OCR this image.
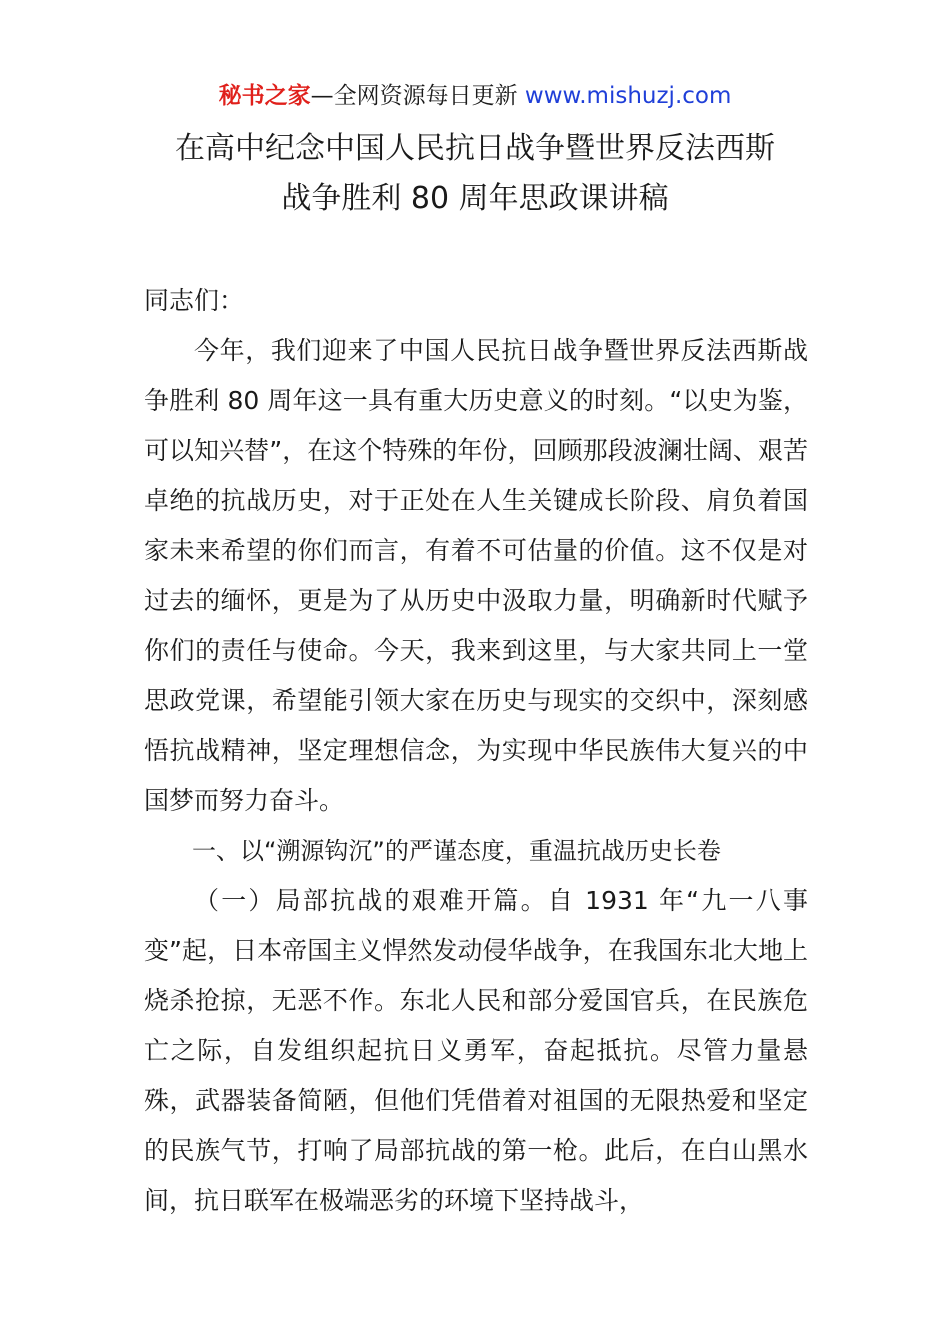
秘书之家—全网资源每日更新 www.mishuzj.com
在高中纪念中国人民抗日战争暨世界反法西斯
战争胜利 80 周年思政课讲稿

同志们：

今年，我们迎来了中国人民抗日战争暨世界反法西斯战争胜利 80 周年这一具有重大历史意义的时刻。“以史为鉴，可以知兴替”，在这个特殊的年份，回顾那段波澜壮阔、艰苦卓绝的抗战历史，对于正处在人生关键成长阶段、肩负着国家未来希望的你们而言，有着不可估量的价值。这不仅是对过去的缅怀，更是为了从历史中汲取力量，明确新时代赋予你们的责任与使命。今天，我来到这里，与大家共同上一堂思政党课，希望能引领大家在历史与现实的交织中，深刻感悟抗战精神，坚定理想信念，为实现中华民族伟大复兴的中国梦而努力奋斗。

一、以“溯源钩沉”的严谨态度，重温抗战历史长卷

（一）局部抗战的艰难开篇。自 1931 年“九一八事变”起，日本帝国主义悍然发动侵华战争，在我国东北大地上烧杀抢掠，无恶不作。东北人民和部分爱国官兵，在民族危亡之际，自发组织起抗日义勇军，奋起抵抗。尽管力量悬殊，武器装备简陋，但他们凭借着对祖国的无限热爱和坚定的民族气节，打响了局部抗战的第一枪。此后，在白山黑水间，抗日联军在极端恶劣的环境下坚持战斗，
